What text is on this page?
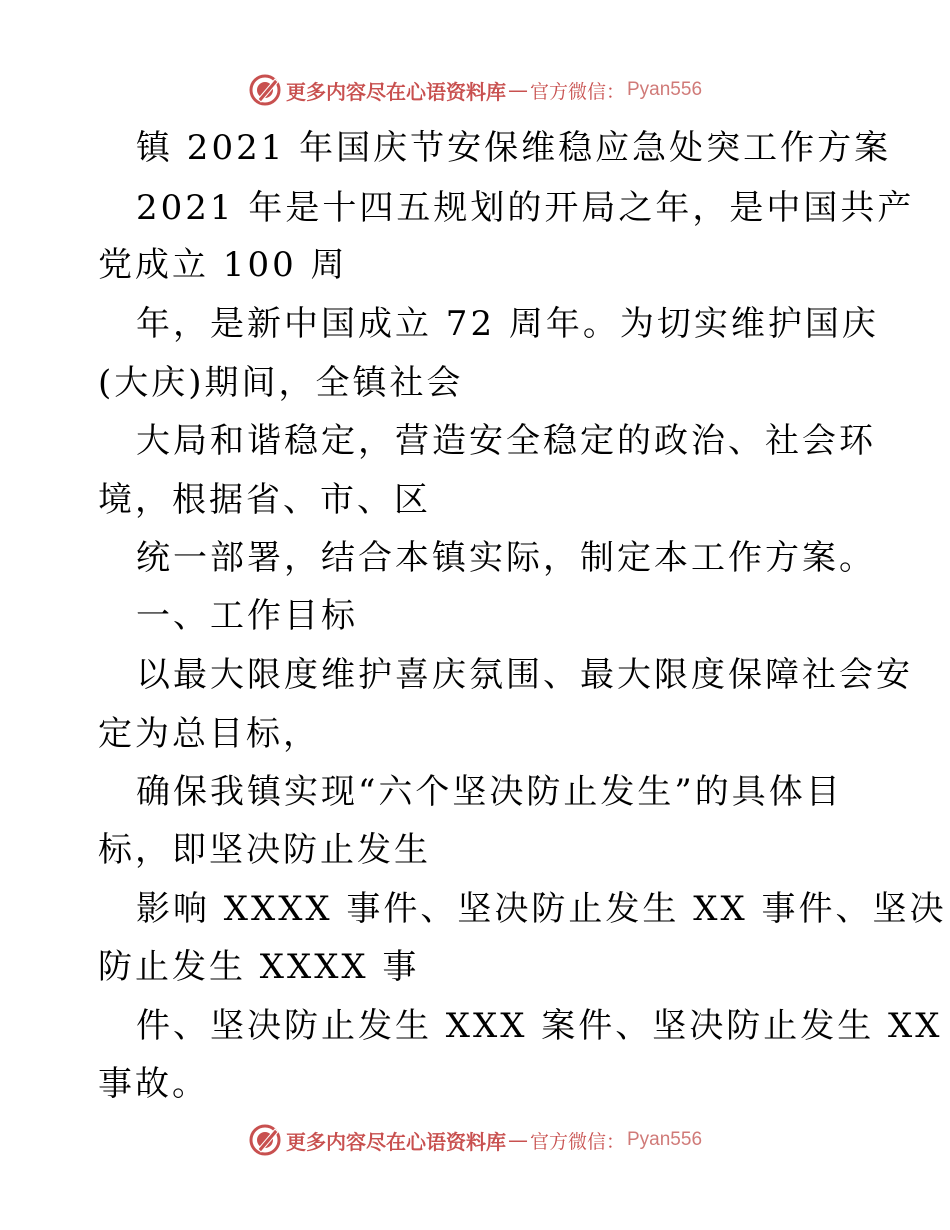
更多内容尽在心语资料库 — 官方微信： Pyan556
镇 2021 年国庆节安保维稳应急处突工作方案
2021 年是十四五规划的开局之年，是中国共产
党成立 100 周
年，是新中国成立 72 周年。为切实维护国庆
(大庆)期间，全镇社会
大局和谐稳定，营造安全稳定的政治、社会环
境，根据省、市、区
统一部署，结合本镇实际，制定本工作方案。
一、工作目标
以最大限度维护喜庆氛围、最大限度保障社会安
定为总目标，
确保我镇实现“六个坚决防止发生”的具体目
标，即坚决防止发生
影响 XXXX 事件、坚决防止发生 XX 事件、坚决
防止发生 XXXX 事
件、坚决防止发生 XXX 案件、坚决防止发生 XX
事故。
更多内容尽在心语资料库 — 官方微信： Pyan556
